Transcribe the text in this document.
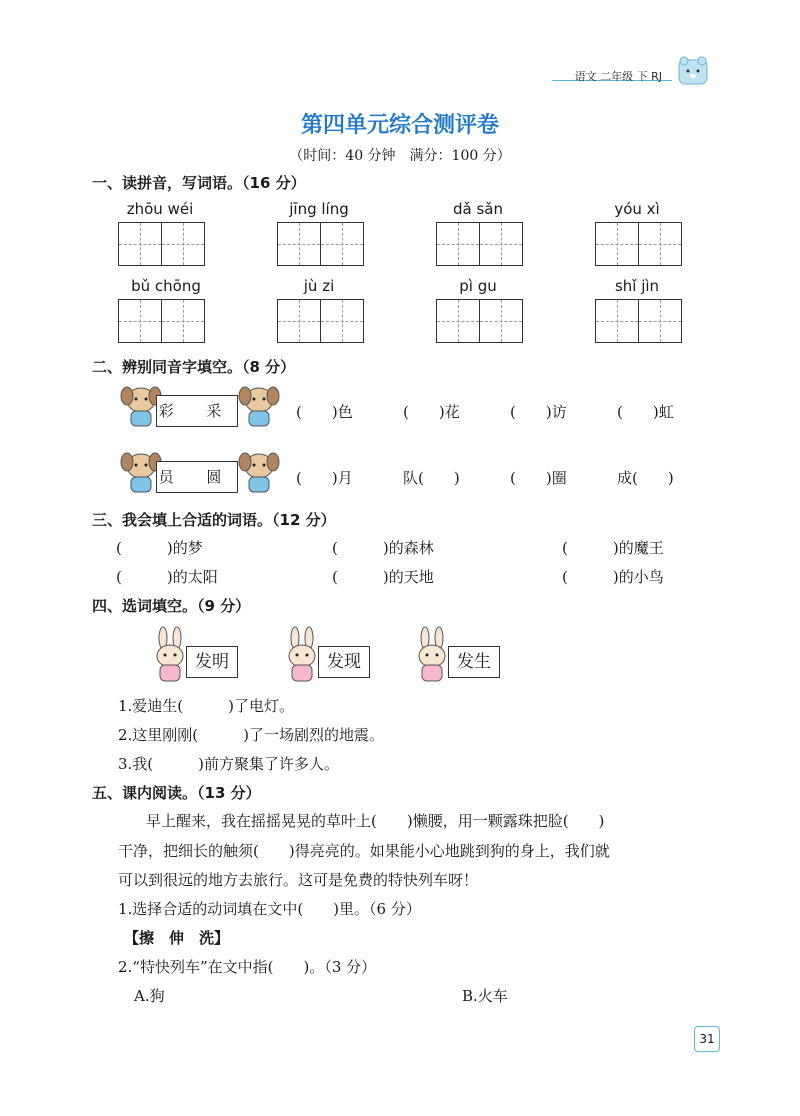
语文 二年级 下 RJ
第四单元综合测评卷
（时间：40 分钟　满分：100 分）
一、读拼音，写词语。（16 分）
zhōu wéi	jīng líng	dǎ sǎn	yóu xì
bǔ chōng	jù zi	pì gu	shǐ jìn
二、辨别同音字填空。（8 分）
彩 采	(　　)色	(　　)花	(　　)访	(　　)虹
员 圆	(　　)月	队(　　)	(　　)圈	成(　　)
三、我会填上合适的词语。（12 分）
(　　　)的梦	(　　　)的森林	(　　　)的魔王
(　　　)的太阳	(　　　)的天地	(　　　)的小鸟
四、选词填空。（9 分）
发明	发现	发生
1.爱迪生(　　　)了电灯。
2.这里刚刚(　　　)了一场剧烈的地震。
3.我(　　　)前方聚集了许多人。
五、课内阅读。（13 分）
早上醒来，我在摇摇晃晃的草叶上(　　)懒腰，用一颗露珠把脸(　　)
干净，把细长的触须(　　)得亮亮的。如果能小心地跳到狗的身上，我们就
可以到很远的地方去旅行。这可是免费的特快列车呀！
1.选择合适的动词填在文中(　　)里。（6 分）
【擦　伸　洗】
2.“特快列车”在文中指(　　)。（3 分）
A.狗	B.火车
31
